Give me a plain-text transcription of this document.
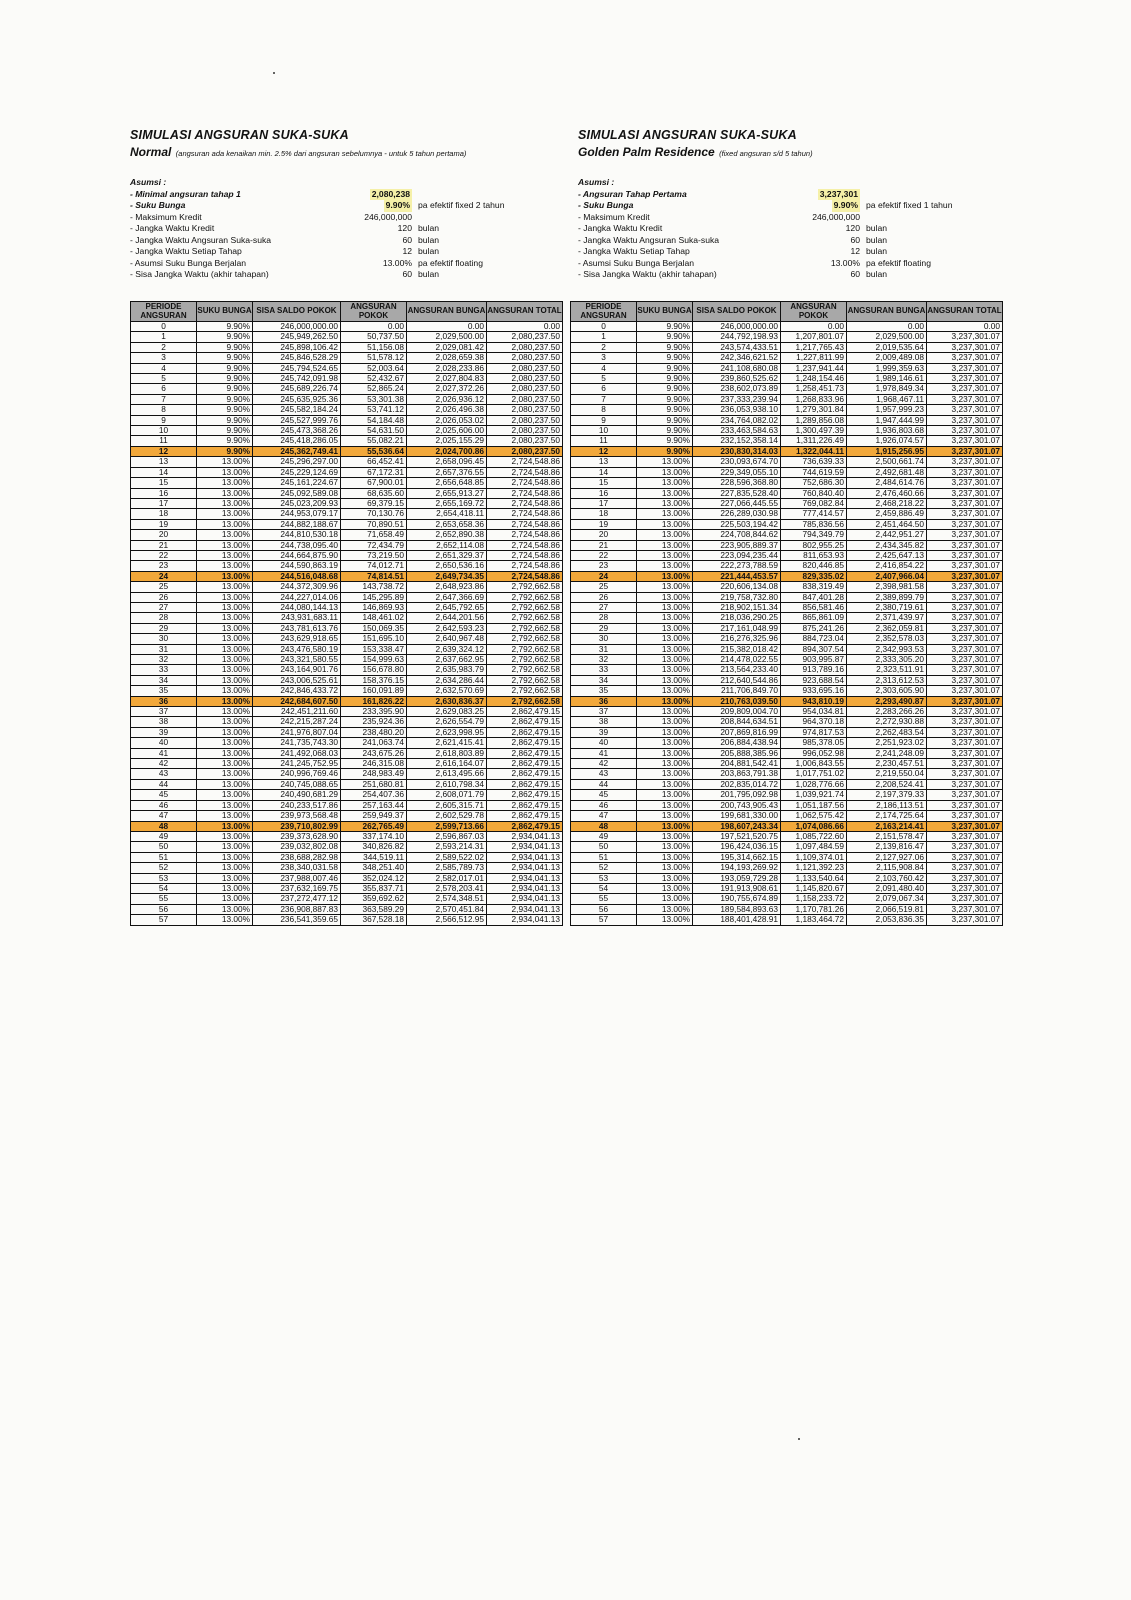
SIMULASI ANGSURAN SUKA-SUKA
Normal (angsuran ada kenaikan min. 2.5% dari angsuran sebelumnya - untuk 5 tahun pertama)
Asumsi :
- Minimal angsuran tahap 1	2,080,238
- Suku Bunga	9.90% pa efektif fixed 2 tahun
- Maksimum Kredit	246,000,000
- Jangka Waktu Kredit	120 bulan
- Jangka Waktu Angsuran Suka-suka	60 bulan
- Jangka Waktu Setiap Tahap	12 bulan
- Asumsi Suku Bunga Berjalan	13.00% pa efektif floating
- Sisa Jangka Waktu (akhir tahapan)	60 bulan
SIMULASI ANGSURAN SUKA-SUKA
Golden Palm Residence (fixed angsuran s/d 5 tahun)
Asumsi :
- Angsuran Tahap Pertama	3,237,301
- Suku Bunga	9.90% pa efektif fixed 1 tahun
- Maksimum Kredit	246,000,000
- Jangka Waktu Kredit	120 bulan
- Jangka Waktu Angsuran Suka-suka	60 bulan
- Jangka Waktu Setiap Tahap	12 bulan
- Asumsi Suku Bunga Berjalan	13.00% pa efektif floating
- Sisa Jangka Waktu (akhir tahapan)	60 bulan
PERIODE ANGSURAN	SUKU BUNGA	SISA SALDO POKOK	ANGSURAN POKOK	ANGSURAN BUNGA	ANGSURAN TOTAL
0	9.90%	246,000,000.00	0.00	0.00	0.00
1	9.90%	245,949,262.50	50,737.50	2,029,500.00	2,080,237.50
2	9.90%	245,898,106.42	51,156.08	2,029,081.42	2,080,237.50
3	9.90%	245,846,528.29	51,578.12	2,028,659.38	2,080,237.50
4	9.90%	245,794,524.65	52,003.64	2,028,233.86	2,080,237.50
5	9.90%	245,742,091.98	52,432.67	2,027,804.83	2,080,237.50
6	9.90%	245,689,226.74	52,865.24	2,027,372.26	2,080,237.50
7	9.90%	245,635,925.36	53,301.38	2,026,936.12	2,080,237.50
8	9.90%	245,582,184.24	53,741.12	2,026,496.38	2,080,237.50
9	9.90%	245,527,999.76	54,184.48	2,026,053.02	2,080,237.50
10	9.90%	245,473,368.26	54,631.50	2,025,606.00	2,080,237.50
11	9.90%	245,418,286.05	55,082.21	2,025,155.29	2,080,237.50
12	9.90%	245,362,749.41	55,536.64	2,024,700.86	2,080,237.50
13	13.00%	245,296,297.00	66,452.41	2,658,096.45	2,724,548.86
14	13.00%	245,229,124.69	67,172.31	2,657,376.55	2,724,548.86
15	13.00%	245,161,224.67	67,900.01	2,656,648.85	2,724,548.86
16	13.00%	245,092,589.08	68,635.60	2,655,913.27	2,724,548.86
17	13.00%	245,023,209.93	69,379.15	2,655,169.72	2,724,548.86
18	13.00%	244,953,079.17	70,130.76	2,654,418.11	2,724,548.86
19	13.00%	244,882,188.67	70,890.51	2,653,658.36	2,724,548.86
20	13.00%	244,810,530.18	71,658.49	2,652,890.38	2,724,548.86
21	13.00%	244,738,095.40	72,434.79	2,652,114.08	2,724,548.86
22	13.00%	244,664,875.90	73,219.50	2,651,329.37	2,724,548.86
23	13.00%	244,590,863.19	74,012.71	2,650,536.16	2,724,548.86
24	13.00%	244,516,048.68	74,814.51	2,649,734.35	2,724,548.86
25	13.00%	244,372,309.96	143,738.72	2,648,923.86	2,792,662.58
26	13.00%	244,227,014.06	145,295.89	2,647,366.69	2,792,662.58
27	13.00%	244,080,144.13	146,869.93	2,645,792.65	2,792,662.58
28	13.00%	243,931,683.11	148,461.02	2,644,201.56	2,792,662.58
29	13.00%	243,781,613.76	150,069.35	2,642,593.23	2,792,662.58
30	13.00%	243,629,918.65	151,695.10	2,640,967.48	2,792,662.58
31	13.00%	243,476,580.19	153,338.47	2,639,324.12	2,792,662.58
32	13.00%	243,321,580.55	154,999.63	2,637,662.95	2,792,662.58
33	13.00%	243,164,901.76	156,678.80	2,635,983.79	2,792,662.58
34	13.00%	243,006,525.61	158,376.15	2,634,286.44	2,792,662.58
35	13.00%	242,846,433.72	160,091.89	2,632,570.69	2,792,662.58
36	13.00%	242,684,607.50	161,826.22	2,630,836.37	2,792,662.58
37	13.00%	242,451,211.60	233,395.90	2,629,083.25	2,862,479.15
38	13.00%	242,215,287.24	235,924.36	2,626,554.79	2,862,479.15
39	13.00%	241,976,807.04	238,480.20	2,623,998.95	2,862,479.15
40	13.00%	241,735,743.30	241,063.74	2,621,415.41	2,862,479.15
41	13.00%	241,492,068.03	243,675.26	2,618,803.89	2,862,479.15
42	13.00%	241,245,752.95	246,315.08	2,616,164.07	2,862,479.15
43	13.00%	240,996,769.46	248,983.49	2,613,495.66	2,862,479.15
44	13.00%	240,745,088.65	251,680.81	2,610,798.34	2,862,479.15
45	13.00%	240,490,681.29	254,407.36	2,608,071.79	2,862,479.15
46	13.00%	240,233,517.86	257,163.44	2,605,315.71	2,862,479.15
47	13.00%	239,973,568.48	259,949.37	2,602,529.78	2,862,479.15
48	13.00%	239,710,802.99	262,765.49	2,599,713.66	2,862,479.15
49	13.00%	239,373,628.90	337,174.10	2,596,867.03	2,934,041.13
50	13.00%	239,032,802.08	340,826.82	2,593,214.31	2,934,041.13
51	13.00%	238,688,282.98	344,519.11	2,589,522.02	2,934,041.13
52	13.00%	238,340,031.58	348,251.40	2,585,789.73	2,934,041.13
53	13.00%	237,988,007.46	352,024.12	2,582,017.01	2,934,041.13
54	13.00%	237,632,169.75	355,837.71	2,578,203.41	2,934,041.13
55	13.00%	237,272,477.12	359,692.62	2,574,348.51	2,934,041.13
56	13.00%	236,908,887.83	363,589.29	2,570,451.84	2,934,041.13
57	13.00%	236,541,359.65	367,528.18	2,566,512.95	2,934,041.13
PERIODE ANGSURAN	SUKU BUNGA	SISA SALDO POKOK	ANGSURAN POKOK	ANGSURAN BUNGA	ANGSURAN TOTAL
0	9.90%	246,000,000.00	0.00	0.00	0.00
1	9.90%	244,792,198.93	1,207,801.07	2,029,500.00	3,237,301.07
2	9.90%	243,574,433.51	1,217,765.43	2,019,535.64	3,237,301.07
3	9.90%	242,346,621.52	1,227,811.99	2,009,489.08	3,237,301.07
4	9.90%	241,108,680.08	1,237,941.44	1,999,359.63	3,237,301.07
5	9.90%	239,860,525.62	1,248,154.46	1,989,146.61	3,237,301.07
6	9.90%	238,602,073.89	1,258,451.73	1,978,849.34	3,237,301.07
7	9.90%	237,333,239.94	1,268,833.96	1,968,467.11	3,237,301.07
8	9.90%	236,053,938.10	1,279,301.84	1,957,999.23	3,237,301.07
9	9.90%	234,764,082.02	1,289,856.08	1,947,444.99	3,237,301.07
10	9.90%	233,463,584.63	1,300,497.39	1,936,803.68	3,237,301.07
11	9.90%	232,152,358.14	1,311,226.49	1,926,074.57	3,237,301.07
12	9.90%	230,830,314.03	1,322,044.11	1,915,256.95	3,237,301.07
13	13.00%	230,093,674.70	736,639.33	2,500,661.74	3,237,301.07
14	13.00%	229,349,055.10	744,619.59	2,492,681.48	3,237,301.07
15	13.00%	228,596,368.80	752,686.30	2,484,614.76	3,237,301.07
16	13.00%	227,835,528.40	760,840.40	2,476,460.66	3,237,301.07
17	13.00%	227,066,445.55	769,082.84	2,468,218.22	3,237,301.07
18	13.00%	226,289,030.98	777,414.57	2,459,886.49	3,237,301.07
19	13.00%	225,503,194.42	785,836.56	2,451,464.50	3,237,301.07
20	13.00%	224,708,844.62	794,349.79	2,442,951.27	3,237,301.07
21	13.00%	223,905,889.37	802,955.25	2,434,345.82	3,237,301.07
22	13.00%	223,094,235.44	811,653.93	2,425,647.13	3,237,301.07
23	13.00%	222,273,788.59	820,446.85	2,416,854.22	3,237,301.07
24	13.00%	221,444,453.57	829,335.02	2,407,966.04	3,237,301.07
25	13.00%	220,606,134.08	838,319.49	2,398,981.58	3,237,301.07
26	13.00%	219,758,732.80	847,401.28	2,389,899.79	3,237,301.07
27	13.00%	218,902,151.34	856,581.46	2,380,719.61	3,237,301.07
28	13.00%	218,036,290.25	865,861.09	2,371,439.97	3,237,301.07
29	13.00%	217,161,048.99	875,241.26	2,362,059.81	3,237,301.07
30	13.00%	216,276,325.96	884,723.04	2,352,578.03	3,237,301.07
31	13.00%	215,382,018.42	894,307.54	2,342,993.53	3,237,301.07
32	13.00%	214,478,022.55	903,995.87	2,333,305.20	3,237,301.07
33	13.00%	213,564,233.40	913,789.16	2,323,511.91	3,237,301.07
34	13.00%	212,640,544.86	923,688.54	2,313,612.53	3,237,301.07
35	13.00%	211,706,849.70	933,695.16	2,303,605.90	3,237,301.07
36	13.00%	210,763,039.50	943,810.19	2,293,490.87	3,237,301.07
37	13.00%	209,809,004.70	954,034.81	2,283,266.26	3,237,301.07
38	13.00%	208,844,634.51	964,370.18	2,272,930.88	3,237,301.07
39	13.00%	207,869,816.99	974,817.53	2,262,483.54	3,237,301.07
40	13.00%	206,884,438.94	985,378.05	2,251,923.02	3,237,301.07
41	13.00%	205,888,385.96	996,052.98	2,241,248.09	3,237,301.07
42	13.00%	204,881,542.41	1,006,843.55	2,230,457.51	3,237,301.07
43	13.00%	203,863,791.38	1,017,751.02	2,219,550.04	3,237,301.07
44	13.00%	202,835,014.72	1,028,776.66	2,208,524.41	3,237,301.07
45	13.00%	201,795,092.98	1,039,921.74	2,197,379.33	3,237,301.07
46	13.00%	200,743,905.43	1,051,187.56	2,186,113.51	3,237,301.07
47	13.00%	199,681,330.00	1,062,575.42	2,174,725.64	3,237,301.07
48	13.00%	198,607,243.34	1,074,086.66	2,163,214.41	3,237,301.07
49	13.00%	197,521,520.75	1,085,722.60	2,151,578.47	3,237,301.07
50	13.00%	196,424,036.15	1,097,484.59	2,139,816.47	3,237,301.07
51	13.00%	195,314,662.15	1,109,374.01	2,127,927.06	3,237,301.07
52	13.00%	194,193,269.92	1,121,392.23	2,115,908.84	3,237,301.07
53	13.00%	193,059,729.28	1,133,540.64	2,103,760.42	3,237,301.07
54	13.00%	191,913,908.61	1,145,820.67	2,091,480.40	3,237,301.07
55	13.00%	190,755,674.89	1,158,233.72	2,079,067.34	3,237,301.07
56	13.00%	189,584,893.63	1,170,781.26	2,066,519.81	3,237,301.07
57	13.00%	188,401,428.91	1,183,464.72	2,053,836.35	3,237,301.07
